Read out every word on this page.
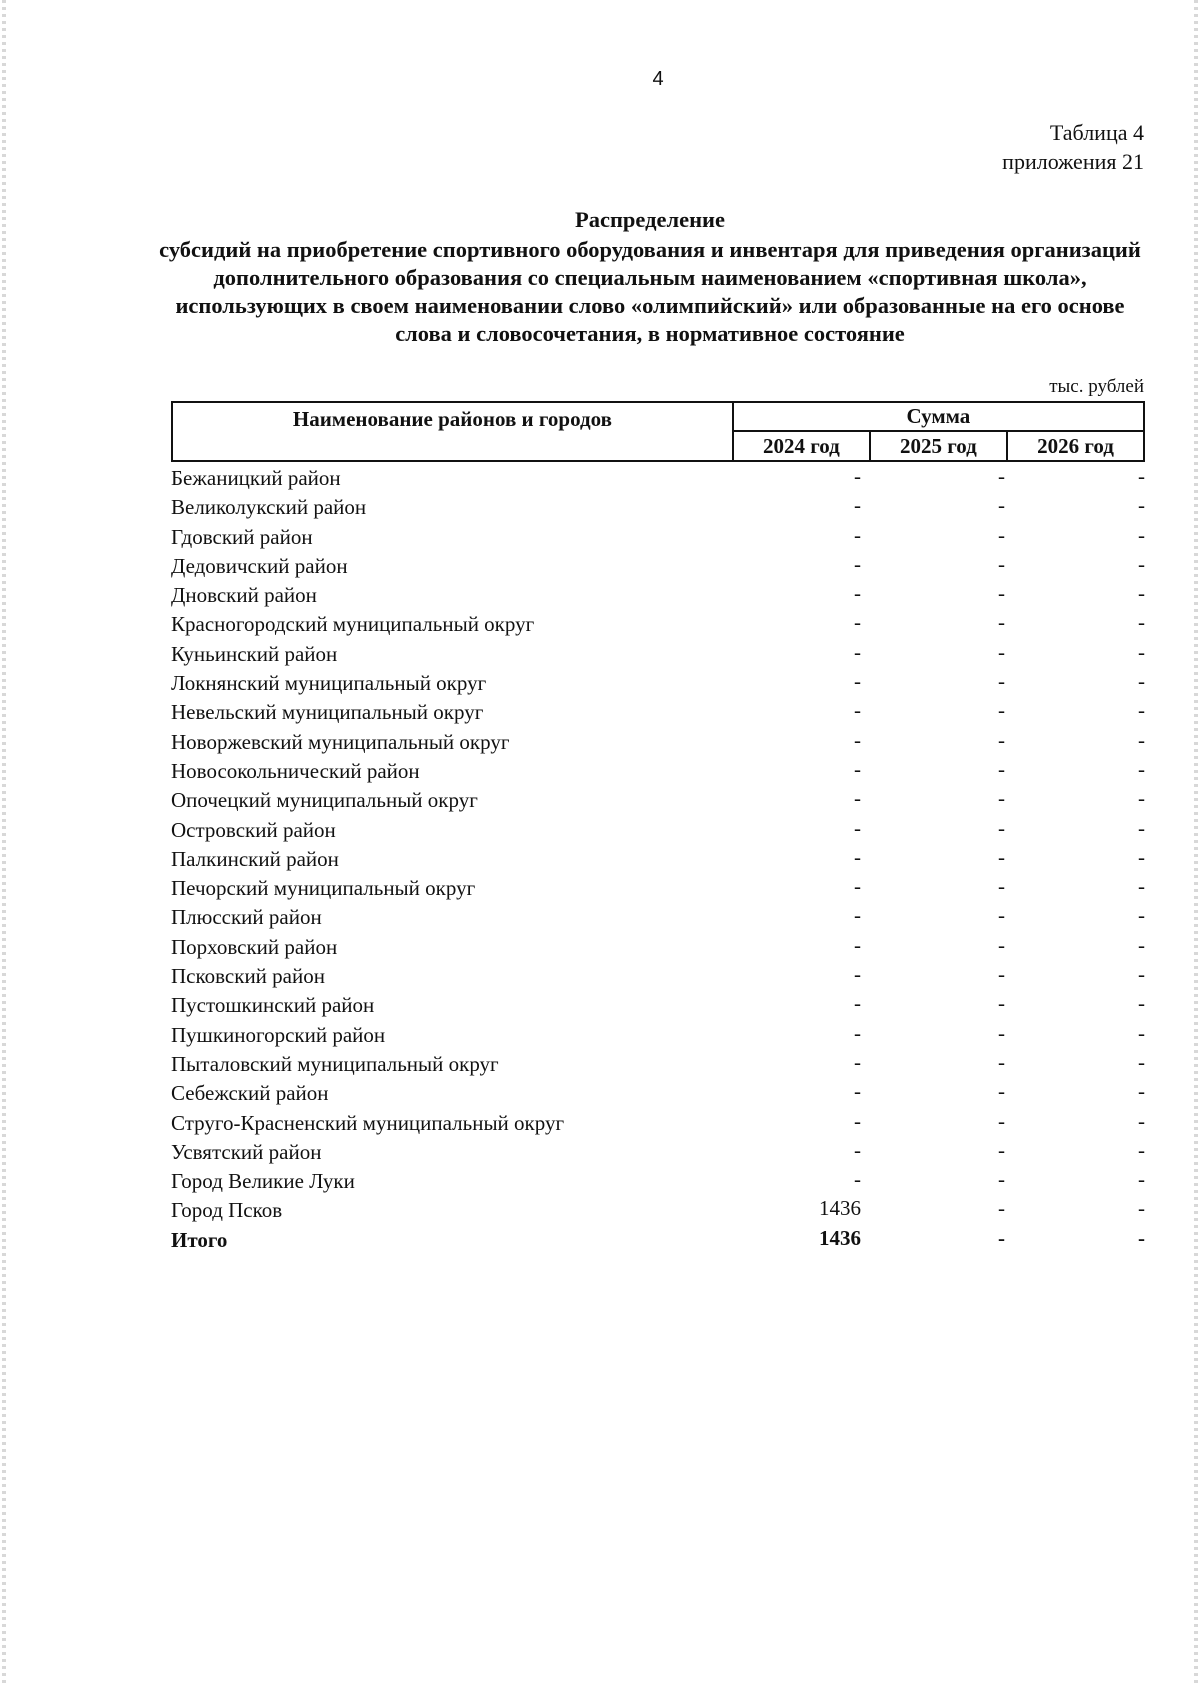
4
Таблица 4
приложения 21
Распределение
субсидий на приобретение спортивного оборудования и инвентаря для приведения организаций дополнительного образования со специальным наименованием «спортивная школа», использующих в своем наименовании слово «олимпийский» или образованные на его основе слова и словосочетания, в нормативное состояние
тыс. рублей
Наименование районов и городов	Сумма		
	2024 год	2025 год	2026 год
Бежаницкий район	-	-	-
Великолукский район	-	-	-
Гдовский район	-	-	-
Дедовичский район	-	-	-
Дновский район	-	-	-
Красногородский муниципальный округ	-	-	-
Куньинский район	-	-	-
Локнянский муниципальный округ	-	-	-
Невельский муниципальный округ	-	-	-
Новоржевский муниципальный округ	-	-	-
Новосокольнический район	-	-	-
Опочецкий муниципальный округ	-	-	-
Островский район	-	-	-
Палкинский район	-	-	-
Печорский муниципальный округ	-	-	-
Плюсский район	-	-	-
Порховский район	-	-	-
Псковский район	-	-	-
Пустошкинский район	-	-	-
Пушкиногорский район	-	-	-
Пыталовский муниципальный округ	-	-	-
Себежский район	-	-	-
Струго-Красненский муниципальный округ	-	-	-
Усвятский район	-	-	-
Город Великие Луки	-	-	-
Город Псков	1436	-	-
Итого	1436	-	-
